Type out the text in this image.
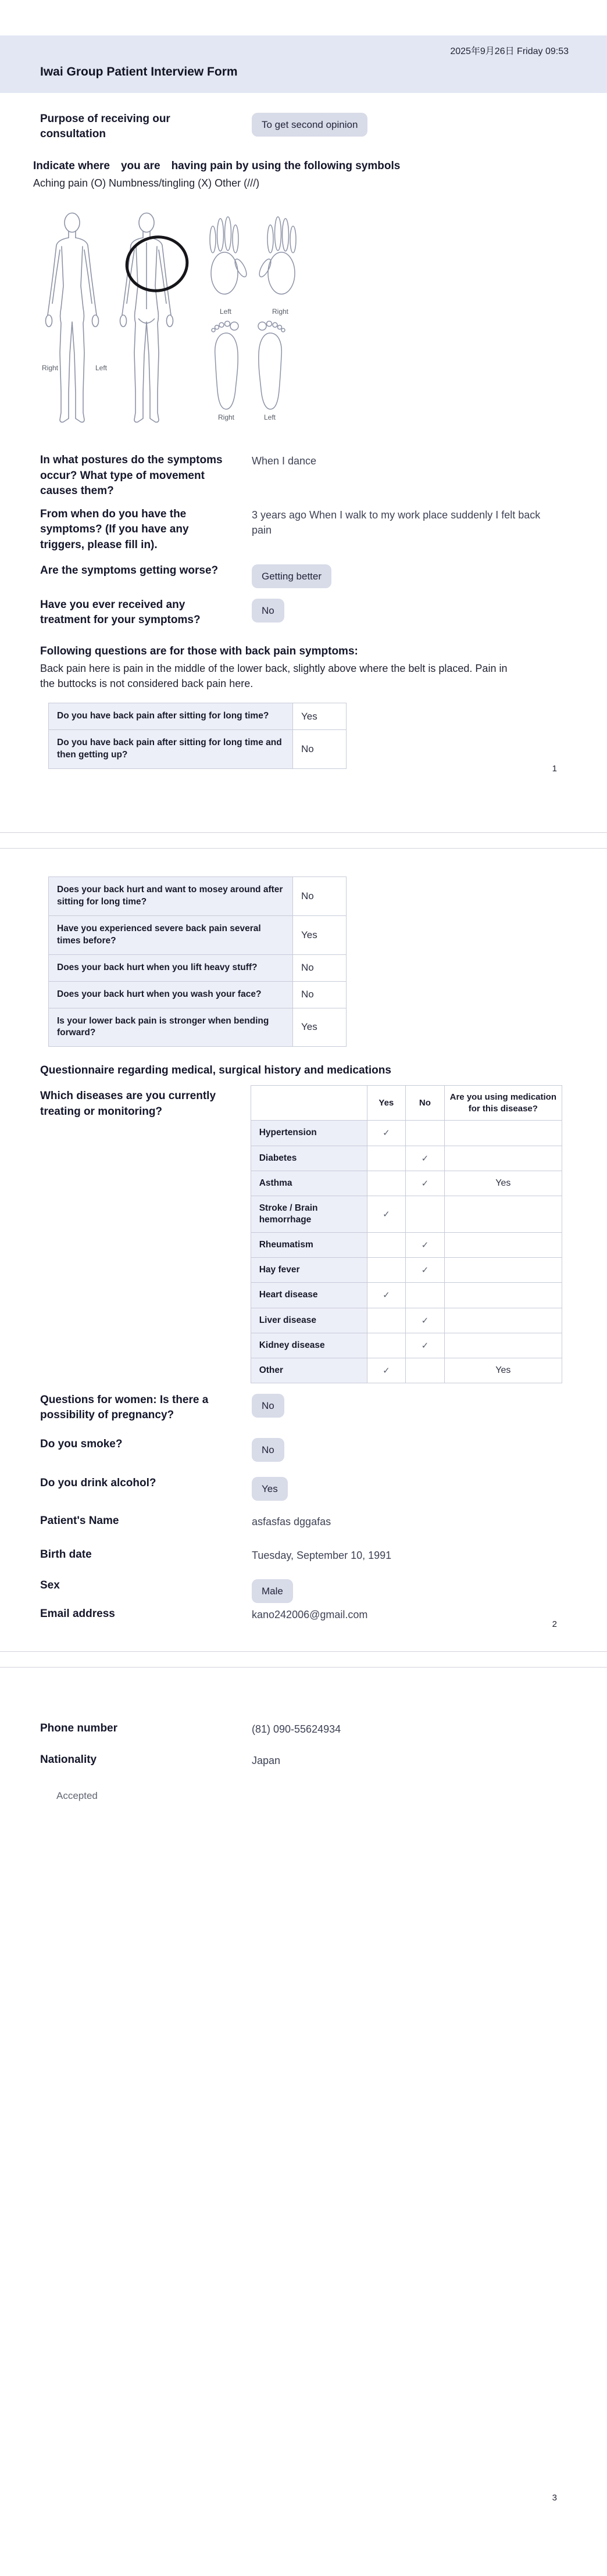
2025年9月26日 Friday 09:53
Iwai Group Patient Interview Form
Purpose of receiving our consultation
To get second opinion
Indicate where　you are　having pain by using the following symbols
Aching pain (O) Numbness/tingling (X) Other (///)
Right	Left
Left	Right
Right	Left
In what postures do the symptoms occur? What type of movement causes them?
When I dance
From when do you have the symptoms? (If you have any triggers, please fill in).
3 years ago When I walk to my work place suddenly I felt back pain
Are the symptoms getting worse?	Getting better
Have you ever received any treatment for your symptoms?
No
Following questions are for those with back pain symptoms:
Back pain here is pain in the middle of the lower back, slightly above where the belt is placed. Pain in the buttocks is not considered back pain here.
Do you have back pain after sitting for long time?	Yes
Do you have back pain after sitting for long time and then getting up?	No
1
Does your back hurt and want to mosey around after sitting for long time?	No
Have you experienced severe back pain several times before?	Yes
Does your back hurt when you lift heavy stuff?	No
Does your back hurt when you wash your face?	No
Is your lower back pain is stronger when bending forward?	Yes
Questionnaire regarding medical, surgical history and medications
Which diseases are you currently treating or monitoring?
	Yes	No	Are you using medication for this disease?
Hypertension	✓		
Diabetes		✓	
Asthma		✓	Yes
Stroke / Brain hemorrhage	✓		
Rheumatism		✓	
Hay fever		✓	
Heart disease	✓		
Liver disease		✓	
Kidney disease		✓	
Other	✓		Yes
Questions for women: Is there a possibility of pregnancy?
No
Do you smoke?	No
Do you drink alcohol?	Yes
Patient's Name	asfasfas dggafas
Birth date	Tuesday, September 10, 1991
Sex	Male
Email address	kano242006@gmail.com
2
Phone number	(81) 090-55624934
Nationality	Japan
Accepted
3
